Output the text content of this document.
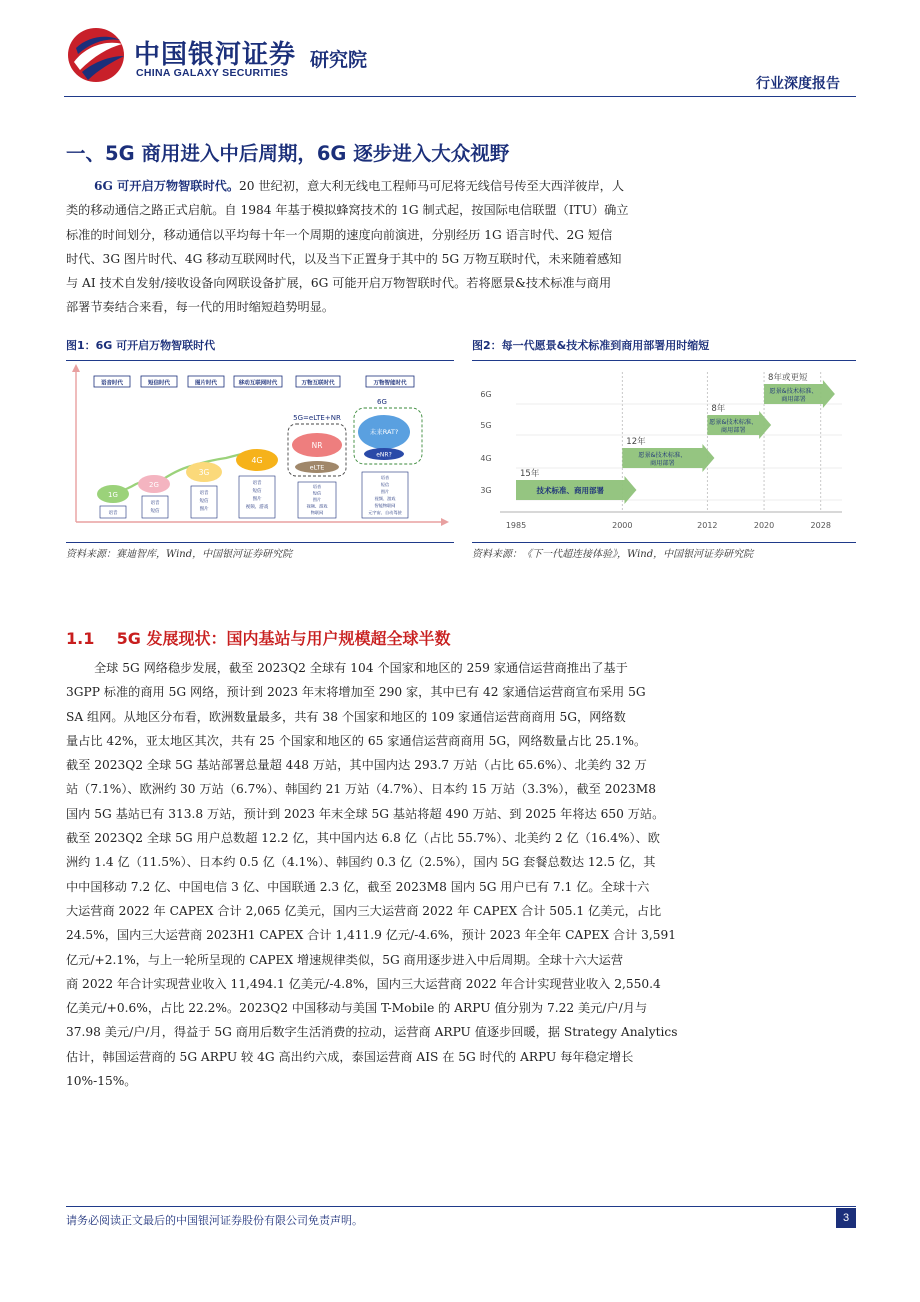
中国银河证券
CHINA GALAXY SECURITIES
研究院
行业深度报告
一、5G 商用进入中后周期，6G 逐步进入大众视野
6G 可开启万物智联时代。20 世纪初，意大利无线电工程师马可尼将无线信号传至大西洋彼岸，人
类的移动通信之路正式启航。自 1984 年基于模拟蜂窝技术的 1G 制式起，按国际电信联盟（ITU）确立
标准的时间划分，移动通信以平均每十年一个周期的速度向前演进，分别经历 1G 语言时代、2G 短信
时代、3G 图片时代、4G 移动互联网时代，以及当下正置身于其中的 5G 万物互联时代，未来随着感知
与 AI 技术自发射/接收设备向网联设备扩展，6G 可能开启万物智联时代。若将愿景&技术标准与商用
部署节奏结合来看，每一代的用时缩短趋势明显。
图1：6G 可开启万物智联时代
语音时代	短信时代	图片时代	移动互联网时代	万物互联时代	万物智能时代
1G
2G
3G
4G
5G=eLTE+NR
NR
eLTE
6G
未来RAT?
eNR?
语音
语音
短信
语音
短信
图片
语音
短信
图片
视频、游戏
语音
短信
图片
视频、游戏
物联网
语音
短信
图片
视频、游戏
智能物联网
元宇宙、自动驾驶
资料来源：赛迪智库，Wind，中国银河证券研究院
图2：每一代愿景&技术标准到商用部署用时缩短
15年
技术标准、商用部署
12年
愿景&技术标准、
商用部署
8年
愿景&技术标准、
商用部署
8年或更短
愿景&技术标准、
商用部署
1985	2000	2012	2020	2028
3G
4G
5G
6G
资料来源：《下一代超连接体验》，Wind，中国银河证券研究院
1.1    5G 发展现状：国内基站与用户规模超全球半数
全球 5G 网络稳步发展，截至 2023Q2 全球有 104 个国家和地区的 259 家通信运营商推出了基于
3GPP 标准的商用 5G 网络，预计到 2023 年末将增加至 290 家，其中已有 42 家通信运营商宣布采用 5G
SA 组网。从地区分布看，欧洲数量最多，共有 38 个国家和地区的 109 家通信运营商商用 5G，网络数
量占比 42%，亚太地区其次，共有 25 个国家和地区的 65 家通信运营商商用 5G，网络数量占比 25.1%。
截至 2023Q2 全球 5G 基站部署总量超 448 万站，其中国内达 293.7 万站（占比 65.6%）、北美约 32 万
站（7.1%）、欧洲约 30 万站（6.7%）、韩国约 21 万站（4.7%）、日本约 15 万站（3.3%），截至 2023M8
国内 5G 基站已有 313.8 万站，预计到 2023 年末全球 5G 基站将超 490 万站、到 2025 年将达 650 万站。
截至 2023Q2 全球 5G 用户总数超 12.2 亿，其中国内达 6.8 亿（占比 55.7%）、北美约 2 亿（16.4%）、欧
洲约 1.4 亿（11.5%）、日本约 0.5 亿（4.1%）、韩国约 0.3 亿（2.5%），国内 5G 套餐总数达 12.5 亿，其
中中国移动 7.2 亿、中国电信 3 亿、中国联通 2.3 亿，截至 2023M8 国内 5G 用户已有 7.1 亿。全球十六
大运营商 2022 年 CAPEX 合计 2,065 亿美元，国内三大运营商 2022 年 CAPEX 合计 505.1 亿美元，占比
24.5%，国内三大运营商 2023H1 CAPEX 合计 1,411.9 亿元/-4.6%，预计 2023 年全年 CAPEX 合计 3,591
亿元/+2.1%，与上一轮所呈现的 CAPEX 增速规律类似，5G 商用逐步进入中后周期。全球十六大运营
商 2022 年合计实现营业收入 11,494.1 亿美元/-4.8%，国内三大运营商 2022 年合计实现营业收入 2,550.4
亿美元/+0.6%，占比 22.2%。2023Q2 中国移动与美国 T-Mobile 的 ARPU 值分别为 7.22 美元/户/月与
37.98 美元/户/月，得益于 5G 商用后数字生活消费的拉动，运营商 ARPU 值逐步回暖，据 Strategy Analytics
估计，韩国运营商的 5G ARPU 较 4G 高出约六成，泰国运营商 AIS 在 5G 时代的 ARPU 每年稳定增长
10%-15%。
请务必阅读正文最后的中国银河证券股份有限公司免责声明。	3
